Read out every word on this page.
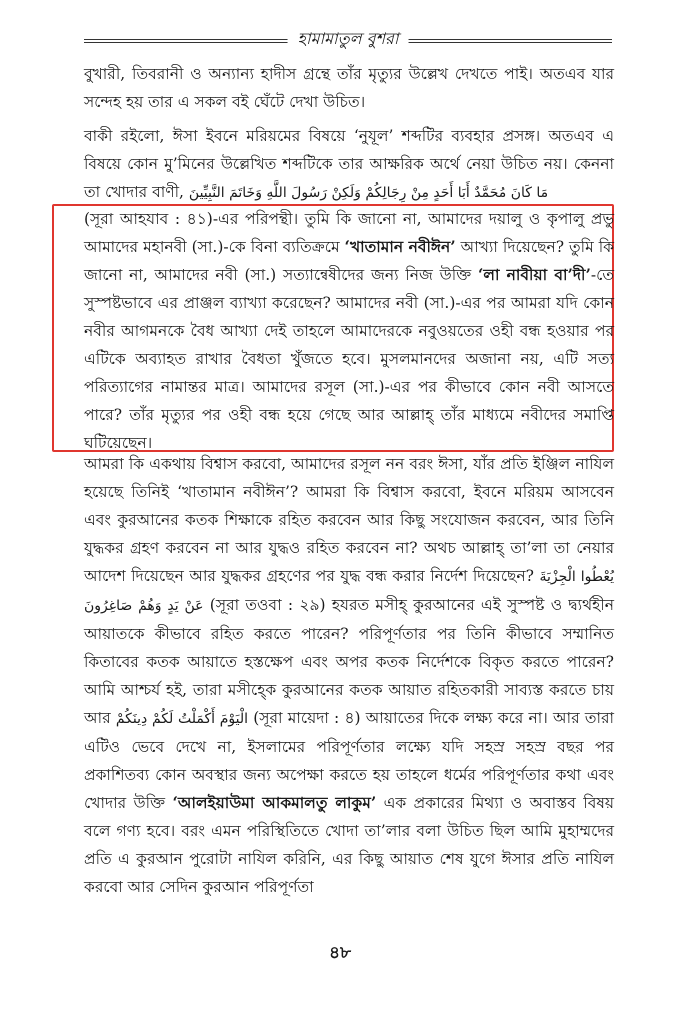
হামামাতুল বুশরা
বুখারী, তিবরানী ও অন্যান্য হাদীস গ্রন্থে তাঁর মৃত্যুর উল্লেখ দেখতে পাই। অতএব যার সন্দেহ হয় তার এ সকল বই ঘেঁটে দেখা উচিত।
বাকী রইলো, ঈসা ইবনে মরিয়মের বিষয়ে ‘নুযূল’ শব্দটির ব্যবহার প্রসঙ্গ। অতএব এ বিষয়ে কোন মু’মিনের উল্লেখিত শব্দটিকে তার আক্ষরিক অর্থে নেয়া উচিত নয়। কেননা তা খোদার বাণী, مَا كَانَ مُحَمَّدٌ أَبَا أَحَدٍ مِنْ رِجَالِكُمْ وَلَكِنْ رَسُولَ اللَّهِ وَخَاتَمَ النَّبِيِّينَ
(সূরা আহযাব : ৪১)-এর পরিপন্থী। তুমি কি জানো না, আমাদের দয়ালু ও কৃপালু প্রভু আমাদের মহানবী (সা.)-কে বিনা ব্যতিক্রমে ‘খাতামান নবীঈন’ আখ্যা দিয়েছেন? তুমি কি জানো না, আমাদের নবী (সা.) সত্যান্বেষীদের জন্য নিজ উক্তি ‘লা নাবীয়া বা’দী’-তে সুস্পষ্টভাবে এর প্রাঞ্জল ব্যাখ্যা করেছেন? আমাদের নবী (সা.)-এর পর আমরা যদি কোন নবীর আগমনকে বৈধ আখ্যা দেই তাহলে আমাদেরকে নবুওয়তের ওহী বন্ধ হওয়ার পর এটিকে অব্যাহত রাখার বৈধতা খুঁজতে হবে। মুসলমানদের অজানা নয়, এটি সত্য পরিত্যাগের নামান্তর মাত্র। আমাদের রসূল (সা.)-এর পর কীভাবে কোন নবী আসতে পারে? তাঁর মৃত্যুর পর ওহী বন্ধ হয়ে গেছে আর আল্লাহ্ তাঁর মাধ্যমে নবীদের সমাপ্তি ঘটিয়েছেন।
আমরা কি একথায় বিশ্বাস করবো, আমাদের রসূল নন বরং ঈসা, যাঁর প্রতি ইঞ্জিল নাযিল হয়েছে তিনিই ‘খাতামান নবীঈন’? আমরা কি বিশ্বাস করবো, ইবনে মরিয়ম আসবেন এবং কুরআনের কতক শিক্ষাকে রহিত করবেন আর কিছু সংযোজন করবেন, আর তিনি যুদ্ধকর গ্রহণ করবেন না আর যুদ্ধও রহিত করবেন না? অথচ আল্লাহ্ তা’লা তা নেয়ার আদেশ দিয়েছেন আর যুদ্ধকর গ্রহণের পর যুদ্ধ বন্ধ করার নির্দেশ দিয়েছেন? يُعْطُوا الْجِزْيَةَ عَنْ يَدٍ وَهُمْ صَاغِرُونَ (সূরা তওবা : ২৯) হযরত মসীহ্ কুরআনের এই সুস্পষ্ট ও দ্ব্যর্থহীন আয়াতকে কীভাবে রহিত করতে পারেন? পরিপূর্ণতার পর তিনি কীভাবে সম্মানিত কিতাবের কতক আয়াতে হস্তক্ষেপ এবং অপর কতক নির্দেশকে বিকৃত করতে পারেন? আমি আশ্চর্য হই, তারা মসীহ্কে কুরআনের কতক আয়াত রহিতকারী সাব্যস্ত করতে চায় আর الْيَوْمَ أَكْمَلْتُ لَكُمْ دِينَكُمْ (সূরা মায়েদা : ৪) আয়াতের দিকে লক্ষ্য করে না। আর তারা এটিও ভেবে দেখে না, ইসলামের পরিপূর্ণতার লক্ষ্যে যদি সহস্র সহস্র বছর পর প্রকাশিতব্য কোন অবস্থার জন্য অপেক্ষা করতে হয় তাহলে ধর্মের পরিপূর্ণতার কথা এবং খোদার উক্তি ‘আলইয়াউমা আকমালতু লাকুম’ এক প্রকারের মিথ্যা ও অবাস্তব বিষয় বলে গণ্য হবে। বরং এমন পরিস্থিতিতে খোদা তা’লার বলা উচিত ছিল আমি মুহাম্মদের প্রতি এ কুরআন পুরোটা নাযিল করিনি, এর কিছু আয়াত শেষ যুগে ঈসার প্রতি নাযিল করবো আর সেদিন কুরআন পরিপূর্ণতা
৪৮
